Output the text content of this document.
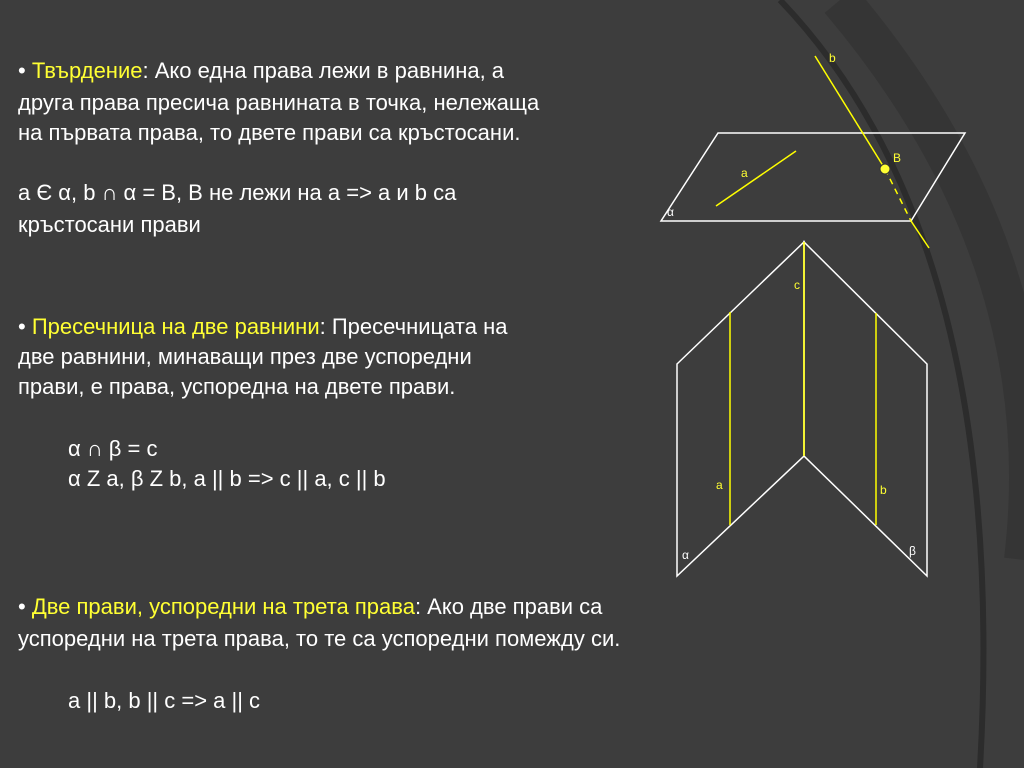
• Твърдение: Ако една права лежи в равнина, а

друга права пресича равнината в точка, нележаща

на първата права, то двете прави са кръстосани.

a Є α, b ∩ α = B, B не лежи на a => a и b са

кръстосани прави

• Пресечница на две равнини: Пресечницата на

две равнини, минаващи през две успоредни

прави, е права, успоредна на двете прави.

α ∩ β = c

α Z a, β Z b, a || b => c || a, c || b

• Две прави, успоредни на трета права: Ако две прави са

успоредни на трета права, то те са успоредни помежду си.

a || b, b || c => a || c

α
a
b
B
c
a	b
α	β
